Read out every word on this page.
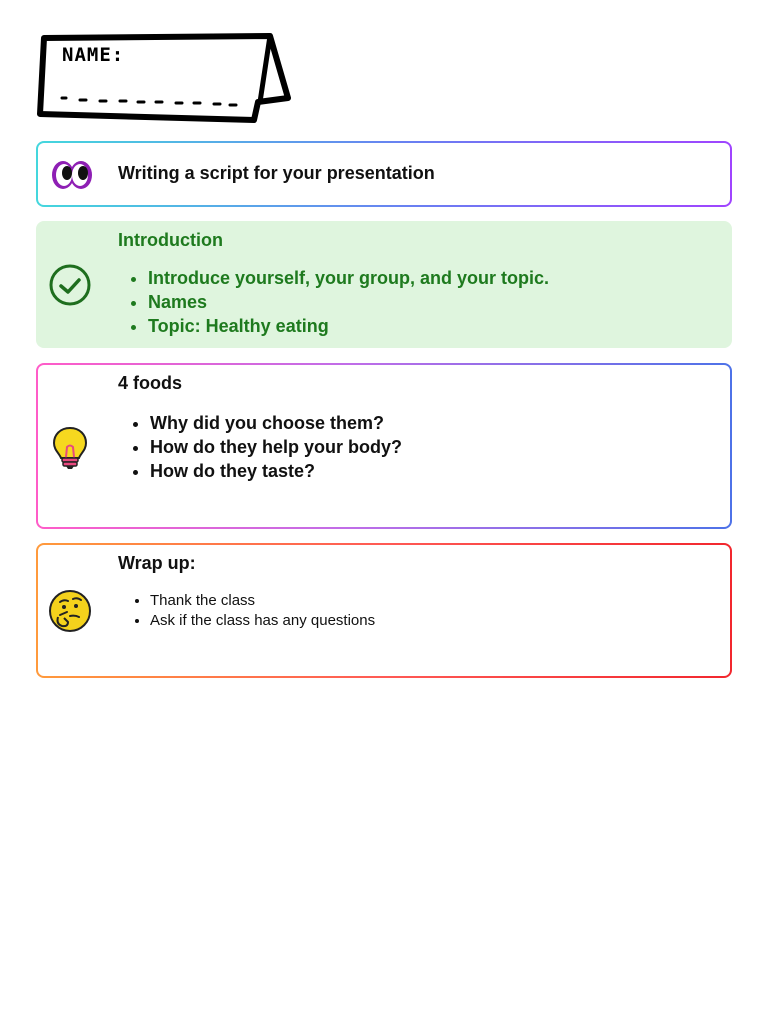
NAME:
Writing a script for your presentation
Introduction
• Introduce yourself, your group, and your topic.
• Names
• Topic: Healthy eating
4 foods
• Why did you choose them?
• How do they help your body?
• How do they taste?
Wrap up:
• Thank the class
• Ask if the class has any questions
